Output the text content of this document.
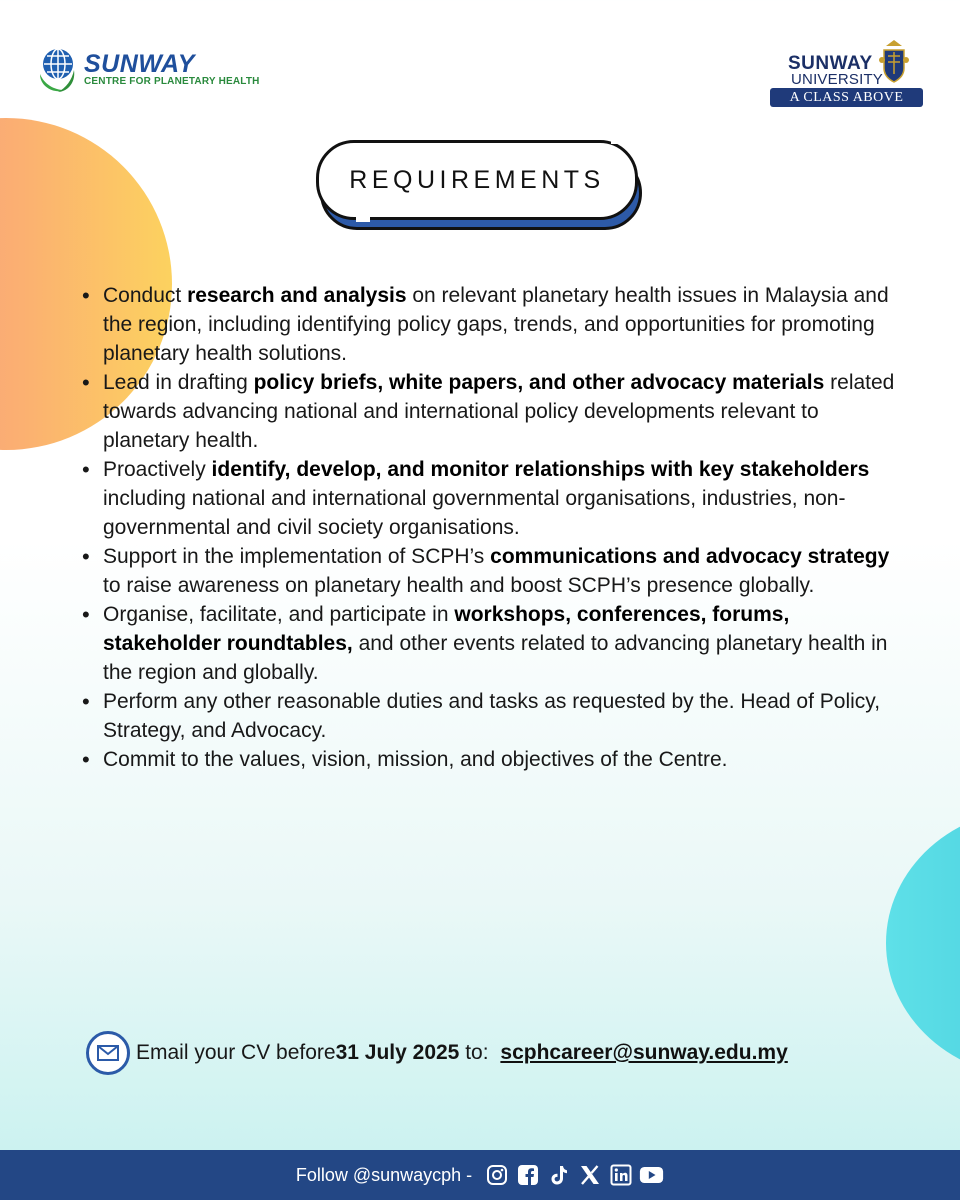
SUNWAY
CENTRE FOR PLANETARY HEALTH
SUNWAY
UNIVERSITY
A CLASS ABOVE
REQUIREMENTS
• Conduct research and analysis on relevant planetary health issues in Malaysia and the region, including identifying policy gaps, trends, and opportunities for promoting planetary health solutions.
• Lead in drafting policy briefs, white papers, and other advocacy materials related towards advancing national and international policy developments relevant to planetary health.
• Proactively identify, develop, and monitor relationships with key stakeholders including national and international governmental organisations, industries, non-governmental and civil society organisations.
• Support in the implementation of SCPH’s communications and advocacy strategy to raise awareness on planetary health and boost SCPH’s presence globally.
• Organise, facilitate, and participate in workshops, conferences, forums, stakeholder roundtables, and other events related to advancing planetary health in the region and globally.
• Perform any other reasonable duties and tasks as requested by the. Head of Policy, Strategy, and Advocacy.
• Commit to the values, vision, mission, and objectives of the Centre.
Email your CV before 31 July 2025 to: scphcareer@sunway.edu.my
Follow @sunwaycph -
